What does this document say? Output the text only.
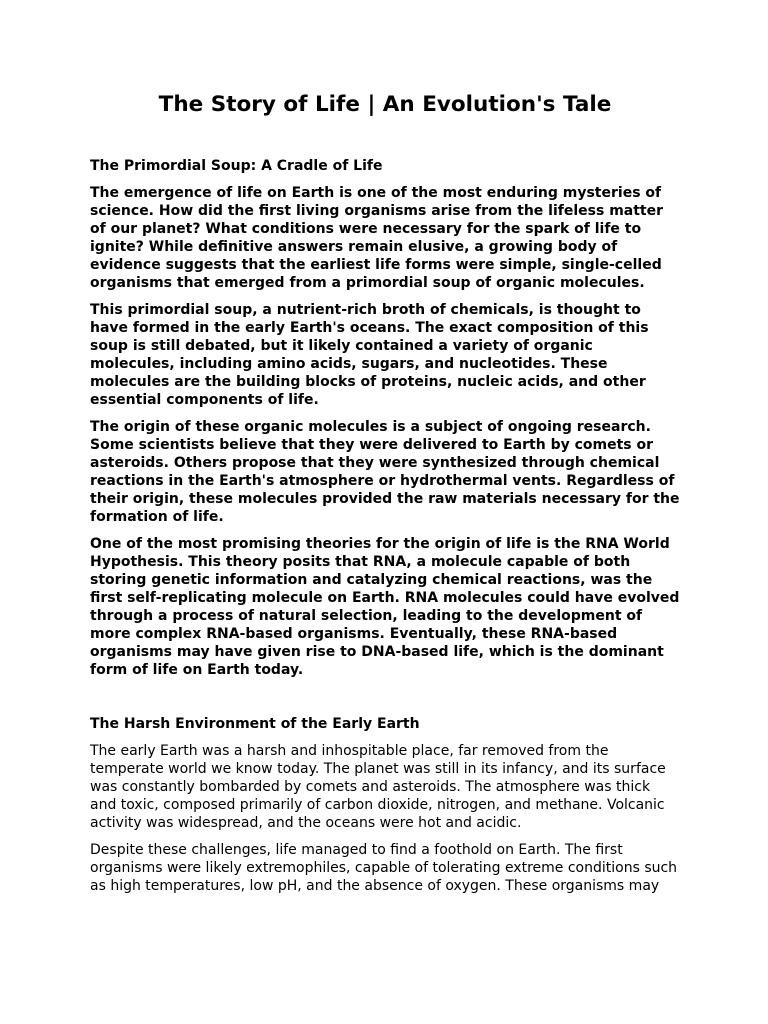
The Story of Life | An Evolution's Tale
The Primordial Soup: A Cradle of Life

The emergence of life on Earth is one of the most enduring mysteries of science. How did the first living organisms arise from the lifeless matter of our planet? What conditions were necessary for the spark of life to ignite? While definitive answers remain elusive, a growing body of evidence suggests that the earliest life forms were simple, single-celled organisms that emerged from a primordial soup of organic molecules.

This primordial soup, a nutrient-rich broth of chemicals, is thought to have formed in the early Earth's oceans. The exact composition of this soup is still debated, but it likely contained a variety of organic molecules, including amino acids, sugars, and nucleotides. These molecules are the building blocks of proteins, nucleic acids, and other essential components of life.

The origin of these organic molecules is a subject of ongoing research. Some scientists believe that they were delivered to Earth by comets or asteroids. Others propose that they were synthesized through chemical reactions in the Earth's atmosphere or hydrothermal vents. Regardless of their origin, these molecules provided the raw materials necessary for the formation of life.

One of the most promising theories for the origin of life is the RNA World Hypothesis. This theory posits that RNA, a molecule capable of both storing genetic information and catalyzing chemical reactions, was the first self-replicating molecule on Earth. RNA molecules could have evolved through a process of natural selection, leading to the development of more complex RNA-based organisms. Eventually, these RNA-based organisms may have given rise to DNA-based life, which is the dominant form of life on Earth today.

The Harsh Environment of the Early Earth

The early Earth was a harsh and inhospitable place, far removed from the temperate world we know today. The planet was still in its infancy, and its surface was constantly bombarded by comets and asteroids. The atmosphere was thick and toxic, composed primarily of carbon dioxide, nitrogen, and methane. Volcanic activity was widespread, and the oceans were hot and acidic.

Despite these challenges, life managed to find a foothold on Earth. The first organisms were likely extremophiles, capable of tolerating extreme conditions such as high temperatures, low pH, and the absence of oxygen. These organisms may
